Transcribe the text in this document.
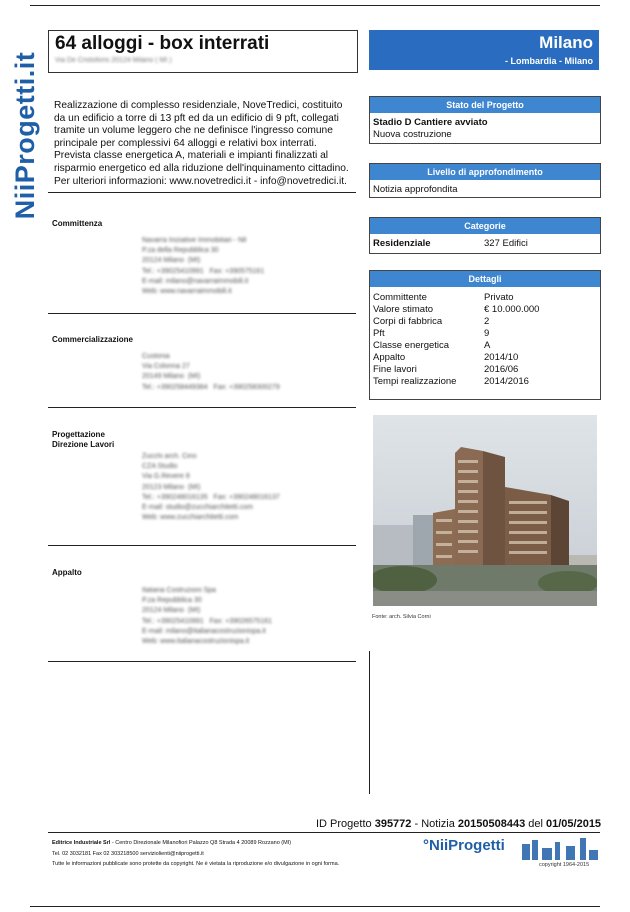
NiiProgetti.it
64 alloggi - box interrati
Via De Cristoforis 20124 Milano ( MI )
Milano
- Lombardia - Milano
Realizzazione di complesso residenziale, NoveTredici, costituito da un edificio a torre di 13 pft ed da un edificio di 9 pft, collegati tramite un volume leggero che ne definisce l'ingresso comune principale per complessivi 64 alloggi e relativi box interrati. Prevista classe energetica A, materiali e impianti finalizzati al risparmio energetico ed alla riduzione dell'inquinamento cittadino. Per ulteriori informazioni: www.novetredici.it - info@novetredici.it.
Committenza
Navarra Iniziative Immobiliari - Nll
P.za della Repubblica 30
20124 Milano  (MI)
Tel.: +39025410991   Fax: +390575161
E-mail: milano@navarraimmobili.it
Web: www.navarraimmobili.it
Commercializzazione
Custonia
Via Colonna 27
20149 Milano  (MI)
Tel.: +390258449384   Fax: +390258300279
Progettazione
Direzione Lavori
Zucchi arch. Cino
CZA Studio
Via G.Revere 8
20123 Milano  (MI)
Tel.: +390248016135   Fax: +390248016137
E-mail: studio@zucchiarchitetti.com
Web: www.zucchiarchitetti.com
Appalto
Italiana Costruzioni Spa
P.za Repubblica 30
20124 Milano  (MI)
Tel.: +39025410991   Fax: +39026575161
E-mail: milano@italianacostruzionispa.it
Web: www.italianacostruzionispa.it
Stato del Progetto
Stadio D Cantiere avviato
Nuova costruzione
Livello di approfondimento
Notizia approfondita
Categorie
Residenziale	327 Edifici
Dettagli
Committente	Privato
Valore stimato	€ 10.000.000
Corpi di fabbrica	2
Pft	9
Classe energetica	A
Appalto	2014/10
Fine lavori	2016/06
Tempi realizzazione	2014/2016
Fonte: arch. Silvia Corni
ID Progetto 395772 - Notizia 20150508443 del 01/05/2015
Editrice Industriale Srl - Centro Direzionale Milanofiori Palazzo Q8 Strada 4 20089 Rozzano (MI)
Tel. 02 3032181 Fax 02 303218500 serviziolienti@niiprogetti.it
Tutte le informazioni pubblicate sono protette da copyright. Ne è vietata la riproduzione e/o divulgazione in ogni forma.
°NiiProgetti
copyright 1964-2015
